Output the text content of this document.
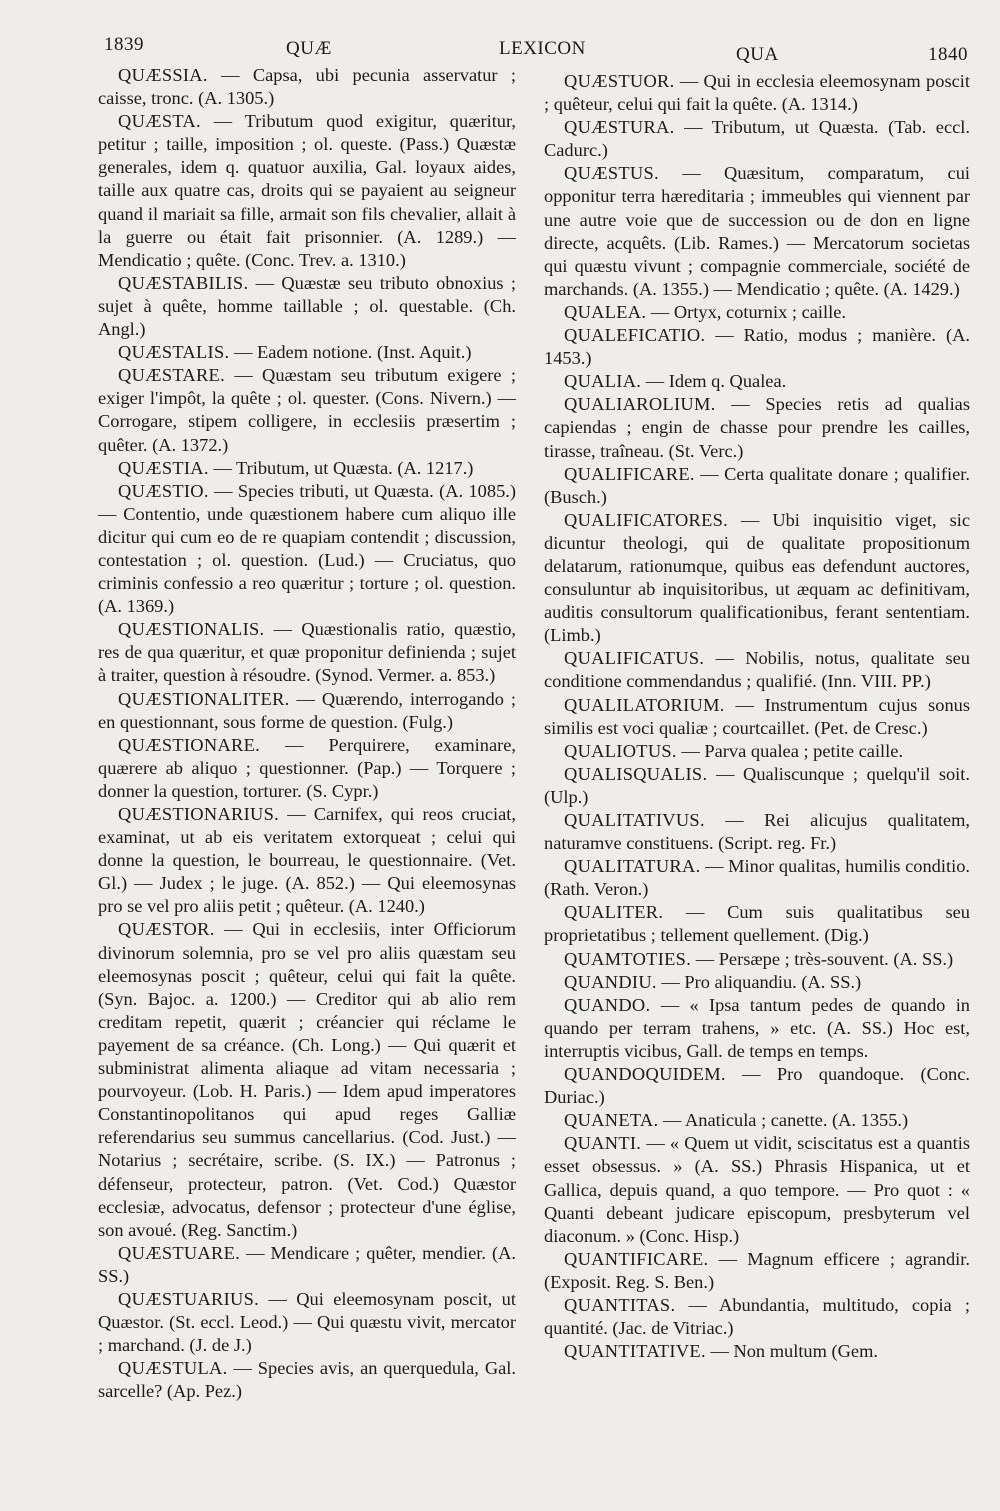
1839	QUÆ	LEXICON	QUA	1840

QUÆSSIA. — Capsa, ubi pecunia asservatur ; caisse, tronc. (A. 1305.)

QUÆSTA. — Tributum quod exigitur, quæritur, petitur ; taille, imposition ; ol. queste. (Pass.) Quæstæ generales, idem q. quatuor auxilia, Gal. loyaux aides, taille aux quatre cas, droits qui se payaient au seigneur quand il mariait sa fille, armait son fils chevalier, allait à la guerre ou était fait prisonnier. (A. 1289.) — Mendicatio ; quête. (Conc. Trev. a. 1310.)

QUÆSTABILIS. — Quæstæ seu tributo obnoxius ; sujet à quête, homme taillable ; ol. questable. (Ch. Angl.)

QUÆSTALIS. — Eadem notione. (Inst. Aquit.)

QUÆSTARE. — Quæstam seu tributum exigere ; exiger l'impôt, la quête ; ol. quester. (Cons. Nivern.) — Corrogare, stipem colligere, in ecclesiis præsertim ; quêter. (A. 1372.)

QUÆSTIA. — Tributum, ut Quæsta. (A. 1217.)

QUÆSTIO. — Species tributi, ut Quæsta. (A. 1085.) — Contentio, unde quæstionem habere cum aliquo ille dicitur qui cum eo de re quapiam contendit ; discussion, contestation ; ol. question. (Lud.) — Cruciatus, quo criminis confessio a reo quæritur ; torture ; ol. question. (A. 1369.)

QUÆSTIONALIS. — Quæstionalis ratio, quæstio, res de qua quæritur, et quæ proponitur definienda ; sujet à traiter, question à résoudre. (Synod. Vermer. a. 853.)

QUÆSTIONALITER. — Quærendo, interrogando ; en questionnant, sous forme de question. (Fulg.)

QUÆSTIONARE. — Perquirere, examinare, quærere ab aliquo ; questionner. (Pap.) — Torquere ; donner la question, torturer. (S. Cypr.)

QUÆSTIONARIUS. — Carnifex, qui reos cruciat, examinat, ut ab eis veritatem extorqueat ; celui qui donne la question, le bourreau, le questionnaire. (Vet. Gl.) — Judex ; le juge. (A. 852.) — Qui eleemosynas pro se vel pro aliis petit ; quêteur. (A. 1240.)

QUÆSTOR. — Qui in ecclesiis, inter Officiorum divinorum solemnia, pro se vel pro aliis quæstam seu eleemosynas poscit ; quêteur, celui qui fait la quête. (Syn. Bajoc. a. 1200.) — Creditor qui ab alio rem creditam repetit, quærit ; créancier qui réclame le payement de sa créance. (Ch. Long.) — Qui quærit et subministrat alimenta aliaque ad vitam necessaria ; pourvoyeur. (Lob. H. Paris.) — Idem apud imperatores Constantinopolitanos qui apud reges Galliæ referendarius seu summus cancellarius. (Cod. Just.) — Notarius ; secrétaire, scribe. (S. IX.) — Patronus ; défenseur, protecteur, patron. (Vet. Cod.) Quæstor ecclesiæ, advocatus, defensor ; protecteur d'une église, son avoué. (Reg. Sanctim.)

QUÆSTUARE. — Mendicare ; quêter, mendier. (A. SS.)

QUÆSTUARIUS. — Qui eleemosynam poscit, ut Quæstor. (St. eccl. Leod.) — Qui quæstu vivit, mercator ; marchand. (J. de J.)

QUÆSTULA. — Species avis, an querquedula, Gal. sarcelle? (Ap. Pez.)

QUÆSTUOR. — Qui in ecclesia eleemosynam poscit ; quêteur, celui qui fait la quête. (A. 1314.)

QUÆSTURA. — Tributum, ut Quæsta. (Tab. eccl. Cadurc.)

QUÆSTUS. — Quæsitum, comparatum, cui opponitur terra hæreditaria ; immeubles qui viennent par une autre voie que de succession ou de don en ligne directe, acquêts. (Lib. Rames.) — Mercatorum societas qui quæstu vivunt ; compagnie commerciale, société de marchands. (A. 1355.) — Mendicatio ; quête. (A. 1429.)

QUALEA. — Ortyx, coturnix ; caille.

QUALEFICATIO. — Ratio, modus ; manière. (A. 1453.)

QUALIA. — Idem q. Qualea.

QUALIAROLIUM. — Species retis ad qualias capiendas ; engin de chasse pour prendre les cailles, tirasse, traîneau. (St. Verc.)

QUALIFICARE. — Certa qualitate donare ; qualifier. (Busch.)

QUALIFICATORES. — Ubi inquisitio viget, sic dicuntur theologi, qui de qualitate propositionum delatarum, rationumque, quibus eas defendunt auctores, consuluntur ab inquisitoribus, ut æquam ac definitivam, auditis consultorum qualificationibus, ferant sententiam. (Limb.)

QUALIFICATUS. — Nobilis, notus, qualitate seu conditione commendandus ; qualifié. (Inn. VIII. PP.)

QUALILATORIUM. — Instrumentum cujus sonus similis est voci qualiæ ; courtcaillet. (Pet. de Cresc.)

QUALIOTUS. — Parva qualea ; petite caille.

QUALISQUALIS. — Qualiscunque ; quelqu'il soit. (Ulp.)

QUALITATIVUS. — Rei alicujus qualitatem, naturamve constituens. (Script. reg. Fr.)

QUALITATURA. — Minor qualitas, humilis conditio. (Rath. Veron.)

QUALITER. — Cum suis qualitatibus seu proprietatibus ; tellement quellement. (Dig.)

QUAMTOTIES. — Persæpe ; très-souvent. (A. SS.)

QUANDIU. — Pro aliquandiu. (A. SS.)

QUANDO. — « Ipsa tantum pedes de quando in quando per terram trahens, » etc. (A. SS.) Hoc est, interruptis vicibus, Gall. de temps en temps.

QUANDOQUIDEM. — Pro quandoque. (Conc. Duriac.)

QUANETA. — Anaticula ; canette. (A. 1355.)

QUANTI. — « Quem ut vidit, sciscitatus est a quantis esset obsessus. » (A. SS.) Phrasis Hispanica, ut et Gallica, depuis quand, a quo tempore. — Pro quot : « Quanti debeant judicare episcopum, presbyterum vel diaconum. » (Conc. Hisp.)

QUANTIFICARE. — Magnum efficere ; agrandir. (Exposit. Reg. S. Ben.)

QUANTITAS. — Abundantia, multitudo, copia ; quantité. (Jac. de Vitriac.)

QUANTITATIVE. — Non multum (Gem.
